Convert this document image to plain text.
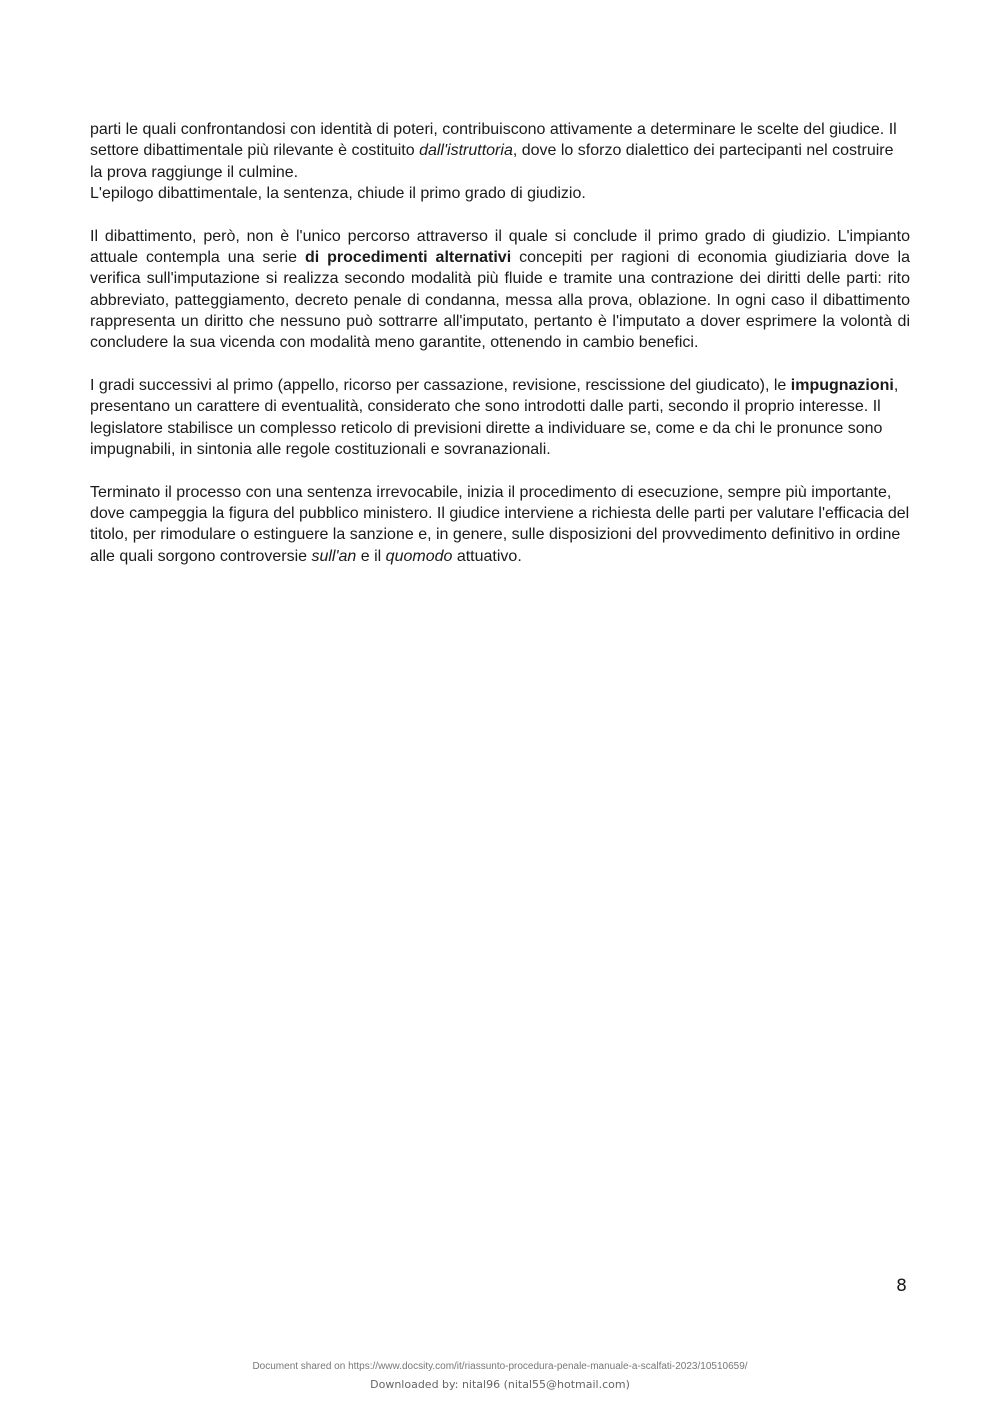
parti le quali confrontandosi con identità di poteri, contribuiscono attivamente a determinare le scelte del giudice. Il settore dibattimentale più rilevante è costituito dall'istruttoria, dove lo sforzo dialettico dei partecipanti nel costruire la prova raggiunge il culmine.
L'epilogo dibattimentale, la sentenza, chiude il primo grado di giudizio.

Il dibattimento, però, non è l'unico percorso attraverso il quale si conclude il primo grado di giudizio. L'impianto attuale contempla una serie di procedimenti alternativi concepiti per ragioni di economia giudiziaria dove la verifica sull'imputazione si realizza secondo modalità più fluide e tramite una contrazione dei diritti delle parti: rito abbreviato, patteggiamento, decreto penale di condanna, messa alla prova, oblazione. In ogni caso il dibattimento rappresenta un diritto che nessuno può sottrarre all'imputato, pertanto è l'imputato a dover esprimere la volontà di concludere la sua vicenda con modalità meno garantite, ottenendo in cambio benefici.

I gradi successivi al primo (appello, ricorso per cassazione, revisione, rescissione del giudicato), le impugnazioni, presentano un carattere di eventualità, considerato che sono introdotti dalle parti, secondo il proprio interesse. Il legislatore stabilisce un complesso reticolo di previsioni dirette a individuare se, come e da chi le pronunce sono impugnabili, in sintonia alle regole costituzionali e sovranazionali.

Terminato il processo con una sentenza irrevocabile, inizia il procedimento di esecuzione, sempre più importante, dove campeggia la figura del pubblico ministero. Il giudice interviene a richiesta delle parti per valutare l'efficacia del titolo, per rimodulare o estinguere la sanzione e, in genere, sulle disposizioni del provvedimento definitivo in ordine alle quali sorgono controversie sull'an e il quomodo attuativo.

8
Document shared on https://www.docsity.com/it/riassunto-procedura-penale-manuale-a-scalfati-2023/10510659/
Downloaded by: nital96 (nital55@hotmail.com)
